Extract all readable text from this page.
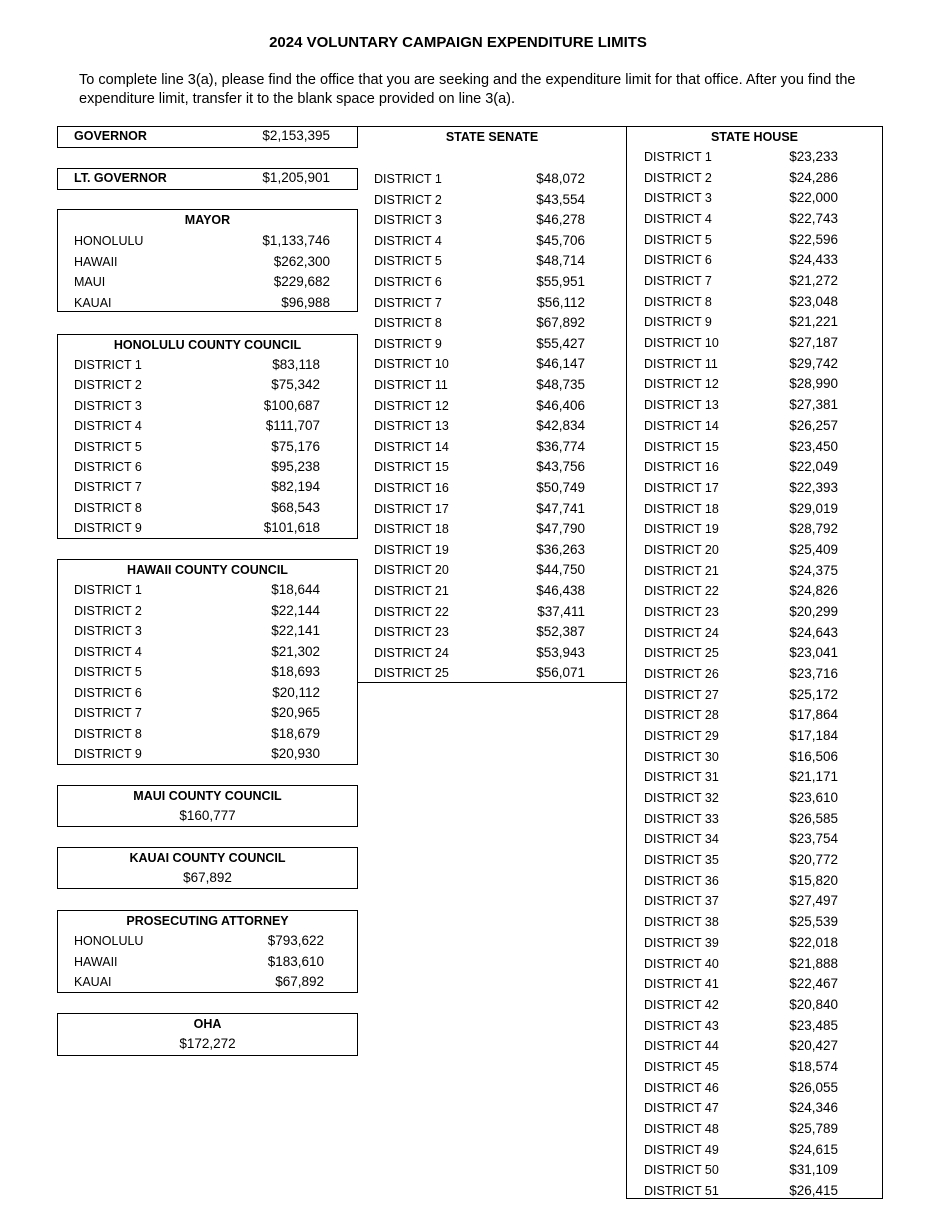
2024 VOLUNTARY CAMPAIGN EXPENDITURE LIMITS
To complete line 3(a), please find the office that you are seeking and the expenditure limit for that office. After you find the expenditure limit, transfer it to the blank space provided on line 3(a).
GOVERNOR	$2,153,395
LT. GOVERNOR	$1,205,901
MAYOR
HONOLULU	$1,133,746
HAWAII	$262,300
MAUI	$229,682
KAUAI	$96,988
HONOLULU COUNTY COUNCIL
DISTRICT 1	$83,118
DISTRICT 2	$75,342
DISTRICT 3	$100,687
DISTRICT 4	$111,707
DISTRICT 5	$75,176
DISTRICT 6	$95,238
DISTRICT 7	$82,194
DISTRICT 8	$68,543
DISTRICT 9	$101,618
HAWAII COUNTY COUNCIL
DISTRICT 1	$18,644
DISTRICT 2	$22,144
DISTRICT 3	$22,141
DISTRICT 4	$21,302
DISTRICT 5	$18,693
DISTRICT 6	$20,112
DISTRICT 7	$20,965
DISTRICT 8	$18,679
DISTRICT 9	$20,930
MAUI COUNTY COUNCIL
$160,777
KAUAI COUNTY COUNCIL
$67,892
PROSECUTING ATTORNEY
HONOLULU	$793,622
HAWAII	$183,610
KAUAI	$67,892
OHA
$172,272
STATE SENATE
DISTRICT 1	$48,072
DISTRICT 2	$43,554
DISTRICT 3	$46,278
DISTRICT 4	$45,706
DISTRICT 5	$48,714
DISTRICT 6	$55,951
DISTRICT 7	$56,112
DISTRICT 8	$67,892
DISTRICT 9	$55,427
DISTRICT 10	$46,147
DISTRICT 11	$48,735
DISTRICT 12	$46,406
DISTRICT 13	$42,834
DISTRICT 14	$36,774
DISTRICT 15	$43,756
DISTRICT 16	$50,749
DISTRICT 17	$47,741
DISTRICT 18	$47,790
DISTRICT 19	$36,263
DISTRICT 20	$44,750
DISTRICT 21	$46,438
DISTRICT 22	$37,411
DISTRICT 23	$52,387
DISTRICT 24	$53,943
DISTRICT 25	$56,071
STATE HOUSE
DISTRICT 1	$23,233
DISTRICT 2	$24,286
DISTRICT 3	$22,000
DISTRICT 4	$22,743
DISTRICT 5	$22,596
DISTRICT 6	$24,433
DISTRICT 7	$21,272
DISTRICT 8	$23,048
DISTRICT 9	$21,221
DISTRICT 10	$27,187
DISTRICT 11	$29,742
DISTRICT 12	$28,990
DISTRICT 13	$27,381
DISTRICT 14	$26,257
DISTRICT 15	$23,450
DISTRICT 16	$22,049
DISTRICT 17	$22,393
DISTRICT 18	$29,019
DISTRICT 19	$28,792
DISTRICT 20	$25,409
DISTRICT 21	$24,375
DISTRICT 22	$24,826
DISTRICT 23	$20,299
DISTRICT 24	$24,643
DISTRICT 25	$23,041
DISTRICT 26	$23,716
DISTRICT 27	$25,172
DISTRICT 28	$17,864
DISTRICT 29	$17,184
DISTRICT 30	$16,506
DISTRICT 31	$21,171
DISTRICT 32	$23,610
DISTRICT 33	$26,585
DISTRICT 34	$23,754
DISTRICT 35	$20,772
DISTRICT 36	$15,820
DISTRICT 37	$27,497
DISTRICT 38	$25,539
DISTRICT 39	$22,018
DISTRICT 40	$21,888
DISTRICT 41	$22,467
DISTRICT 42	$20,840
DISTRICT 43	$23,485
DISTRICT 44	$20,427
DISTRICT 45	$18,574
DISTRICT 46	$26,055
DISTRICT 47	$24,346
DISTRICT 48	$25,789
DISTRICT 49	$24,615
DISTRICT 50	$31,109
DISTRICT 51	$26,415
